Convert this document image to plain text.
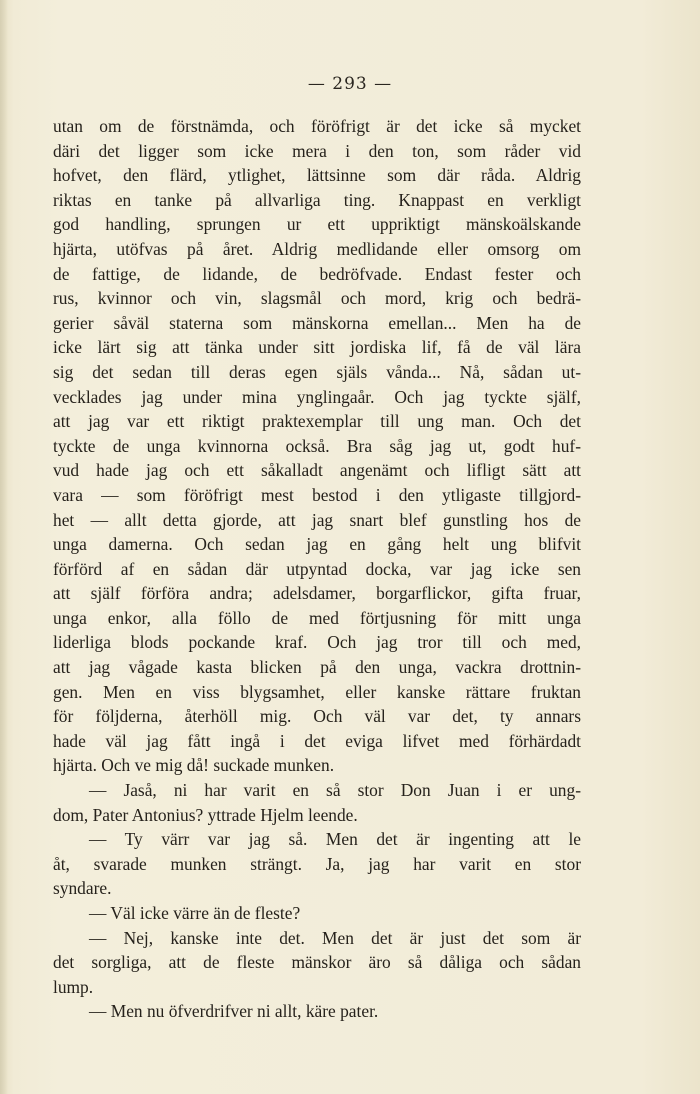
— 293 —
utan om de förstnämda, och föröfrigt är det icke så mycket
däri det ligger som icke mera i den ton, som råder vid
hofvet, den flärd, ytlighet, lättsinne som där råda. Aldrig
riktas en tanke på allvarliga ting. Knappast en verkligt
god handling, sprungen ur ett uppriktigt mänskoälskande
hjärta, utöfvas på året. Aldrig medlidande eller omsorg om
de fattige, de lidande, de bedröfvade. Endast fester och
rus, kvinnor och vin, slagsmål och mord, krig och bedrä-
gerier såväl staterna som mänskorna emellan... Men ha de
icke lärt sig att tänka under sitt jordiska lif, få de väl lära
sig det sedan till deras egen själs vånda... Nå, sådan ut-
vecklades jag under mina ynglingaår. Och jag tyckte själf,
att jag var ett riktigt praktexemplar till ung man. Och det
tyckte de unga kvinnorna också. Bra såg jag ut, godt huf-
vud hade jag och ett såkalladt angenämt och lifligt sätt att
vara — som föröfrigt mest bestod i den ytligaste tillgjord-
het — allt detta gjorde, att jag snart blef gunstling hos de
unga damerna. Och sedan jag en gång helt ung blifvit
förförd af en sådan där utpyntad docka, var jag icke sen
att själf förföra andra; adelsdamer, borgarflickor, gifta fruar,
unga enkor, alla föllo de med förtjusning för mitt unga
liderliga blods pockande kraf. Och jag tror till och med,
att jag vågade kasta blicken på den unga, vackra drottnin-
gen. Men en viss blygsamhet, eller kanske rättare fruktan
för följderna, återhöll mig. Och väl var det, ty annars
hade väl jag fått ingå i det eviga lifvet med förhärdadt
hjärta. Och ve mig då! suckade munken.
— Jaså, ni har varit en så stor Don Juan i er ung-
dom, Pater Antonius? yttrade Hjelm leende.
— Ty värr var jag så. Men det är ingenting att le
åt, svarade munken strängt. Ja, jag har varit en stor
syndare.
— Väl icke värre än de fleste?
— Nej, kanske inte det. Men det är just det som är
det sorgliga, att de fleste mänskor äro så dåliga och sådan
lump.
— Men nu öfverdrifver ni allt, käre pater.
